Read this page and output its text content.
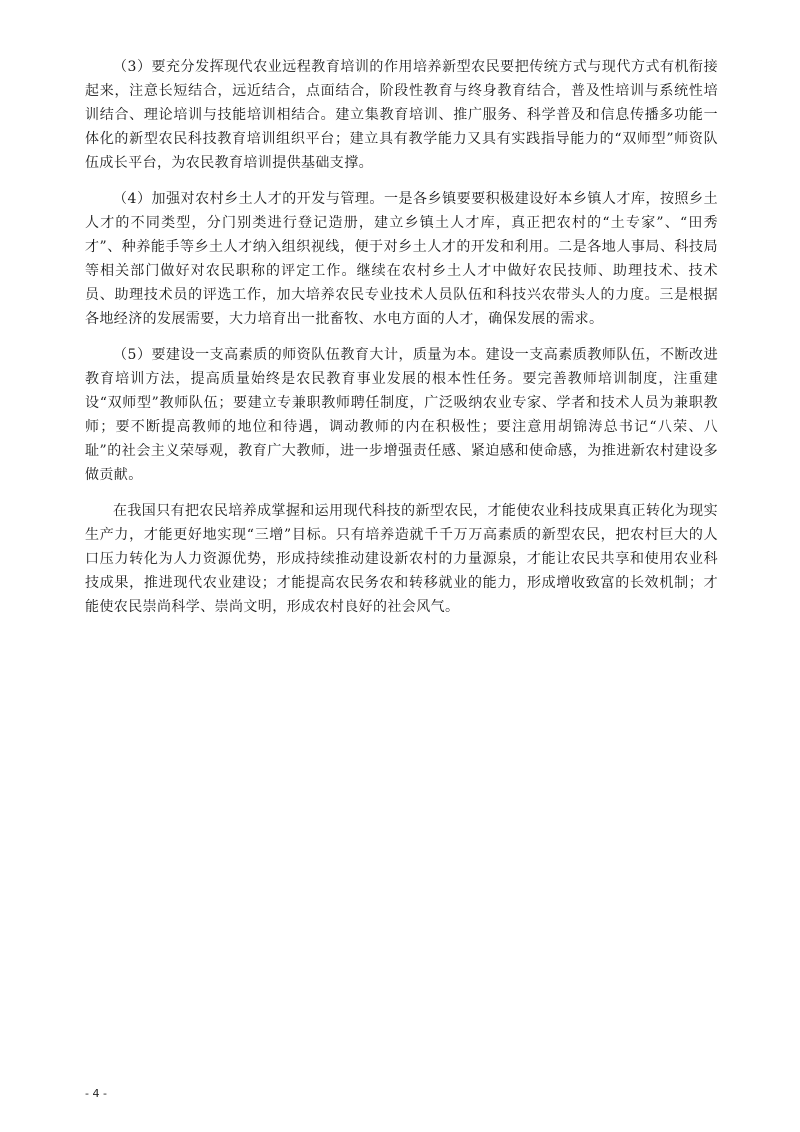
（3）要充分发挥现代农业远程教育培训的作用培养新型农民要把传统方式与现代方式有机衔接起来，注意长短结合，远近结合，点面结合，阶段性教育与终身教育结合，普及性培训与系统性培训结合、理论培训与技能培训相结合。建立集教育培训、推广服务、科学普及和信息传播多功能一体化的新型农民科技教育培训组织平台；建立具有教学能力又具有实践指导能力的“双师型”师资队伍成长平台，为农民教育培训提供基础支撑。

（4）加强对农村乡土人才的开发与管理。一是各乡镇要要积极建设好本乡镇人才库，按照乡土人才的不同类型，分门别类进行登记造册，建立乡镇土人才库，真正把农村的“土专家”、“田秀才”、种养能手等乡土人才纳入组织视线，便于对乡土人才的开发和利用。二是各地人事局、科技局等相关部门做好对农民职称的评定工作。继续在农村乡土人才中做好农民技师、助理技术、技术员、助理技术员的评选工作，加大培养农民专业技术人员队伍和科技兴农带头人的力度。三是根据各地经济的发展需要，大力培育出一批畜牧、水电方面的人才，确保发展的需求。

（5）要建设一支高素质的师资队伍教育大计，质量为本。建设一支高素质教师队伍，不断改进教育培训方法，提高质量始终是农民教育事业发展的根本性任务。要完善教师培训制度，注重建设“双师型”教师队伍；要建立专兼职教师聘任制度，广泛吸纳农业专家、学者和技术人员为兼职教师；要不断提高教师的地位和待遇，调动教师的内在积极性；要注意用胡锦涛总书记“八荣、八耻”的社会主义荣辱观，教育广大教师，进一步增强责任感、紧迫感和使命感，为推进新农村建设多做贡献。

在我国只有把农民培养成掌握和运用现代科技的新型农民，才能使农业科技成果真正转化为现实生产力，才能更好地实现“三增”目标。只有培养造就千千万万高素质的新型农民，把农村巨大的人口压力转化为人力资源优势，形成持续推动建设新农村的力量源泉，才能让农民共享和使用农业科技成果，推进现代农业建设；才能提高农民务农和转移就业的能力，形成增收致富的长效机制；才能使农民崇尚科学、崇尚文明，形成农村良好的社会风气。

- 4 -
